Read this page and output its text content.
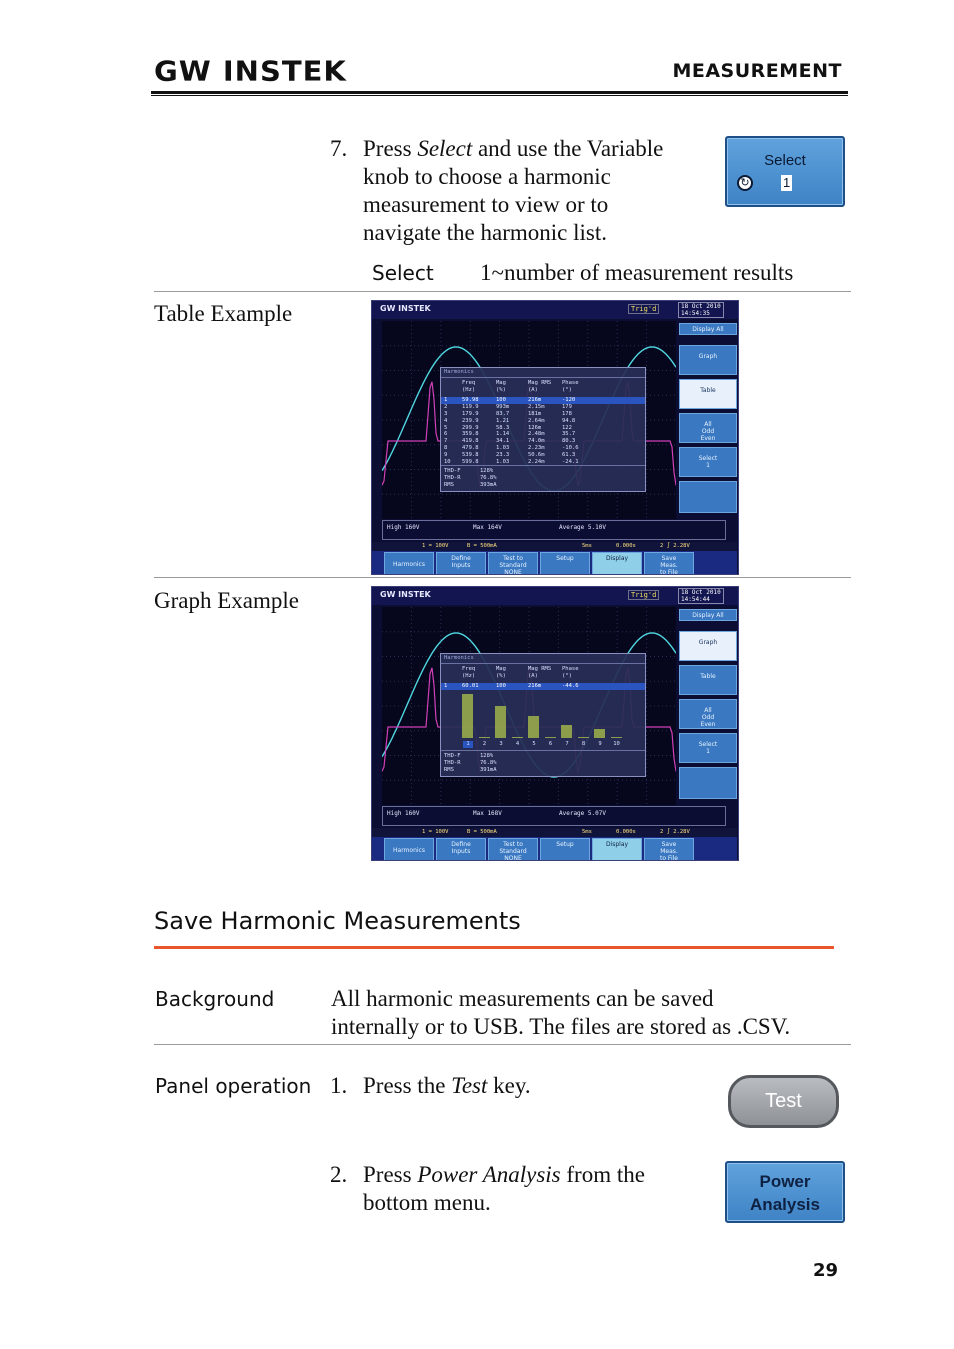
GW INSTEK	MEASUREMENT
7. Press Select and use the Variable
knob to choose a harmonic
measurement to view or to
navigate the harmonic list.
Select
↻	1
Select 1~number of measurement results
Table Example	GW INSTEK	Trig'd	18 Oct 2010
14:54:35
Harmonics
Freq	Mag	Mag RMS	Phase
(Hz)	(%)	(A)	(°)
1	59.98	100	216m	-120
2	119.9	993m	2.15m	179
3	179.9	83.7	181m	178
4	239.9	1.21	2.64m	94.8
5	299.9	58.3	126m	122
6	359.8	1.14	2.48m	35.7
7	419.8	34.1	74.0m	80.3
8	479.8	1.03	2.23m	-10.6
9	539.8	23.3	50.6m	61.3
10	599.8	1.03	2.24m	-24.1
THD-F	128%
THD-R	76.8%
RMS	393mA
Display All
Graph
Table
All
Odd
Even
Select
1
High 160V	Max 164V	Average 5.10V
1 = 100V	B = 500mA	5ms	0.000s	2 ∫ 2.28V
Harmonics
Define
Inputs
Test to
Standard
NONE
Setup	Display	Save
Meas.
to File
Graph Example	GW INSTEK	Trig'd	18 Oct 2010
14:54:44
Harmonics
Freq	Mag	Mag RMS	Phase
(Hz)	(%)	(A)	(°)
1	60.01	100	216m	-44.6
1	2	3	4	5	6	7	8	9	10
THD-F	128%
THD-R	76.8%
RMS	391mA
Display All
Graph
Table
All
Odd
Even
Select
1
High 160V	Max 168V	Average 5.07V
1 = 100V	B = 500mA	5ms	0.000s	2 ∫ 2.28V
Harmonics
Define
Inputs
Test to
Standard
NONE
Setup	Display	Save
Meas.
to File
Save Harmonic Measurements
Background All harmonic measurements can be saved
internally or to USB. The files are stored as .CSV.
Panel operation 1. Press the Test key.
Test
2. Press Power Analysis from the
bottom menu.
Power
Analysis
29
